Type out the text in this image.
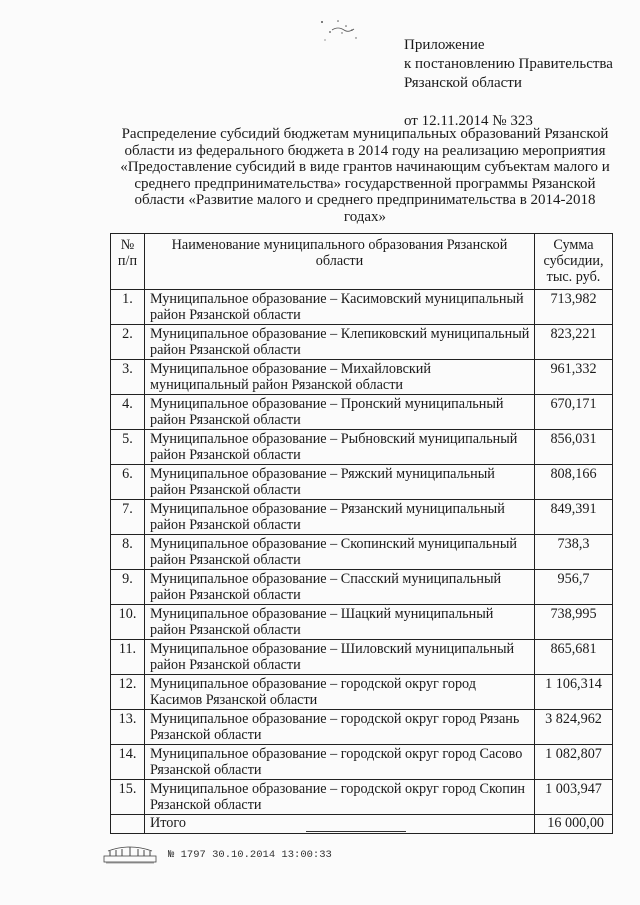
Приложение
к постановлению Правительства
Рязанской области
от 12.11.2014 № 323
Распределение субсидий бюджетам муниципальных образований Рязанской области из федерального бюджета в 2014 году на реализацию мероприятия «Предоставление субсидий в виде грантов начинающим субъектам малого и среднего предпринимательства» государственной программы Рязанской области «Развитие малого и среднего предпринимательства в 2014-2018 годах»
№ п/п	Наименование муниципального образования Рязанской области	Сумма субсидии, тыс. руб.
1.	Муниципальное образование – Касимовский муниципальный район Рязанской области	713,982
2.	Муниципальное образование – Клепиковский муниципальный район Рязанской области	823,221
3.	Муниципальное образование – Михайловский муниципальный район Рязанской области	961,332
4.	Муниципальное образование – Пронский муниципальный район Рязанской области	670,171
5.	Муниципальное образование – Рыбновский муниципальный район Рязанской области	856,031
6.	Муниципальное образование – Ряжский муниципальный район Рязанской области	808,166
7.	Муниципальное образование – Рязанский муниципальный район Рязанской области	849,391
8.	Муниципальное образование – Скопинский муниципальный район Рязанской области	738,3
9.	Муниципальное образование – Спасский муниципальный район Рязанской области	956,7
10.	Муниципальное образование – Шацкий муниципальный район Рязанской области	738,995
11.	Муниципальное образование – Шиловский муниципальный район Рязанской области	865,681
12.	Муниципальное образование – городской округ город Касимов Рязанской области	1 106,314
13.	Муниципальное образование – городской округ город Рязань Рязанской области	3 824,962
14.	Муниципальное образование – городской округ город Сасово Рязанской области	1 082,807
15.	Муниципальное образование – городской округ город Скопин Рязанской области	1 003,947
	Итого	16 000,00
№ 1797 30.10.2014 13:00:33
